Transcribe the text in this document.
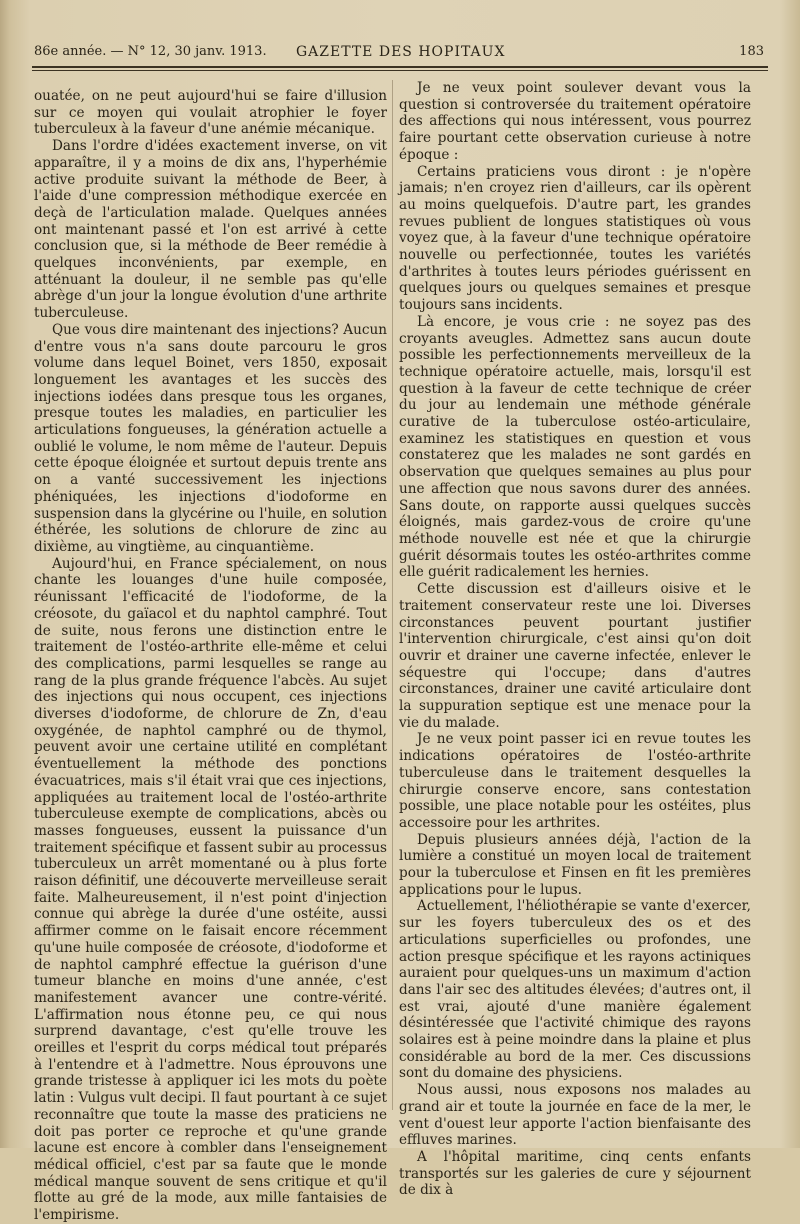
86e année. — N° 12, 30 janv. 1913. GAZETTE DES HOPITAUX	183

ouatée, on ne peut aujourd'hui se faire d'illusion sur ce moyen qui voulait atrophier le foyer tuberculeux à la faveur d'une anémie mécanique.

Dans l'ordre d'idées exactement inverse, on vit apparaître, il y a moins de dix ans, l'hyperhémie active produite suivant la méthode de Beer, à l'aide d'une compression méthodique exercée en deçà de l'articulation malade. Quelques années ont maintenant passé et l'on est arrivé à cette conclusion que, si la méthode de Beer remédie à quelques inconvénients, par exemple, en atténuant la douleur, il ne semble pas qu'elle abrège d'un jour la longue évolution d'une arthrite tuberculeuse.

Que vous dire maintenant des injections? Aucun d'entre vous n'a sans doute parcouru le gros volume dans lequel Boinet, vers 1850, exposait longuement les avantages et les succès des injections iodées dans presque tous les organes, presque toutes les maladies, en particulier les articulations fongueuses, la génération actuelle a oublié le volume, le nom même de l'auteur. Depuis cette époque éloignée et surtout depuis trente ans on a vanté successivement les injections phéniquées, les injections d'iodoforme en suspension dans la glycérine ou l'huile, en solution éthérée, les solutions de chlorure de zinc au dixième, au vingtième, au cinquantième.

Aujourd'hui, en France spécialement, on nous chante les louanges d'une huile composée, réunissant l'efficacité de l'iodoforme, de la créosote, du gaïacol et du naphtol camphré. Tout de suite, nous ferons une distinction entre le traitement de l'ostéo-arthrite elle-même et celui des complications, parmi lesquelles se range au rang de la plus grande fréquence l'abcès. Au sujet des injections qui nous occupent, ces injections diverses d'iodoforme, de chlorure de Zn, d'eau oxygénée, de naphtol camphré ou de thymol, peuvent avoir une certaine utilité en complétant éventuellement la méthode des ponctions évacuatrices, mais s'il était vrai que ces injections, appliquées au traitement local de l'ostéo-arthrite tuberculeuse exempte de complications, abcès ou masses fongueuses, eussent la puissance d'un traitement spécifique et fassent subir au processus tuberculeux un arrêt momentané ou à plus forte raison définitif, une découverte merveilleuse serait faite. Malheureusement, il n'est point d'injection connue qui abrège la durée d'une ostéite, aussi affirmer comme on le faisait encore récemment qu'une huile composée de créosote, d'iodoforme et de naphtol camphré effectue la guérison d'une tumeur blanche en moins d'une année, c'est manifestement avancer une contre-vérité. L'affirmation nous étonne peu, ce qui nous surprend davantage, c'est qu'elle trouve les oreilles et l'esprit du corps médical tout préparés à l'entendre et à l'admettre. Nous éprouvons une grande tristesse à appliquer ici les mots du poète latin : Vulgus vult decipi. Il faut pourtant à ce sujet reconnaître que toute la masse des praticiens ne doit pas porter ce reproche et qu'une grande lacune est encore à combler dans l'enseignement médical officiel, c'est par sa faute que le monde médical manque souvent de sens critique et qu'il flotte au gré de la mode, aux mille fantaisies de l'empirisme.

Je ne veux point soulever devant vous la question si controversée du traitement opératoire des affections qui nous intéressent, vous pourrez faire pourtant cette observation curieuse à notre époque :

Certains praticiens vous diront : je n'opère jamais; n'en croyez rien d'ailleurs, car ils opèrent au moins quelquefois. D'autre part, les grandes revues publient de longues statistiques où vous voyez que, à la faveur d'une technique opératoire nouvelle ou perfectionnée, toutes les variétés d'arthrites à toutes leurs périodes guérissent en quelques jours ou quelques semaines et presque toujours sans incidents.

Là encore, je vous crie : ne soyez pas des croyants aveugles. Admettez sans aucun doute possible les perfectionnements merveilleux de la technique opératoire actuelle, mais, lorsqu'il est question à la faveur de cette technique de créer du jour au lendemain une méthode générale curative de la tuberculose ostéo-articulaire, examinez les statistiques en question et vous constaterez que les malades ne sont gardés en observation que quelques semaines au plus pour une affection que nous savons durer des années. Sans doute, on rapporte aussi quelques succès éloignés, mais gardez-vous de croire qu'une méthode nouvelle est née et que la chirurgie guérit désormais toutes les ostéo-arthrites comme elle guérit radicalement les hernies.

Cette discussion est d'ailleurs oisive et le traitement conservateur reste une loi. Diverses circonstances peuvent pourtant justifier l'intervention chirurgicale, c'est ainsi qu'on doit ouvrir et drainer une caverne infectée, enlever le séquestre qui l'occupe; dans d'autres circonstances, drainer une cavité articulaire dont la suppuration septique est une menace pour la vie du malade.

Je ne veux point passer ici en revue toutes les indications opératoires de l'ostéo-arthrite tuberculeuse dans le traitement desquelles la chirurgie conserve encore, sans contestation possible, une place notable pour les ostéites, plus accessoire pour les arthrites.

Depuis plusieurs années déjà, l'action de la lumière a constitué un moyen local de traitement pour la tuberculose et Finsen en fit les premières applications pour le lupus.

Actuellement, l'héliothérapie se vante d'exercer, sur les foyers tuberculeux des os et des articulations superficielles ou profondes, une action presque spécifique et les rayons actiniques auraient pour quelques-uns un maximum d'action dans l'air sec des altitudes élevées; d'autres ont, il est vrai, ajouté d'une manière également désintéressée que l'activité chimique des rayons solaires est à peine moindre dans la plaine et plus considérable au bord de la mer. Ces discussions sont du domaine des physiciens.

Nous aussi, nous exposons nos malades au grand air et toute la journée en face de la mer, le vent d'ouest leur apporte l'action bienfaisante des effluves marines.

A l'hôpital maritime, cinq cents enfants transportés sur les galeries de cure y séjournent de dix à
